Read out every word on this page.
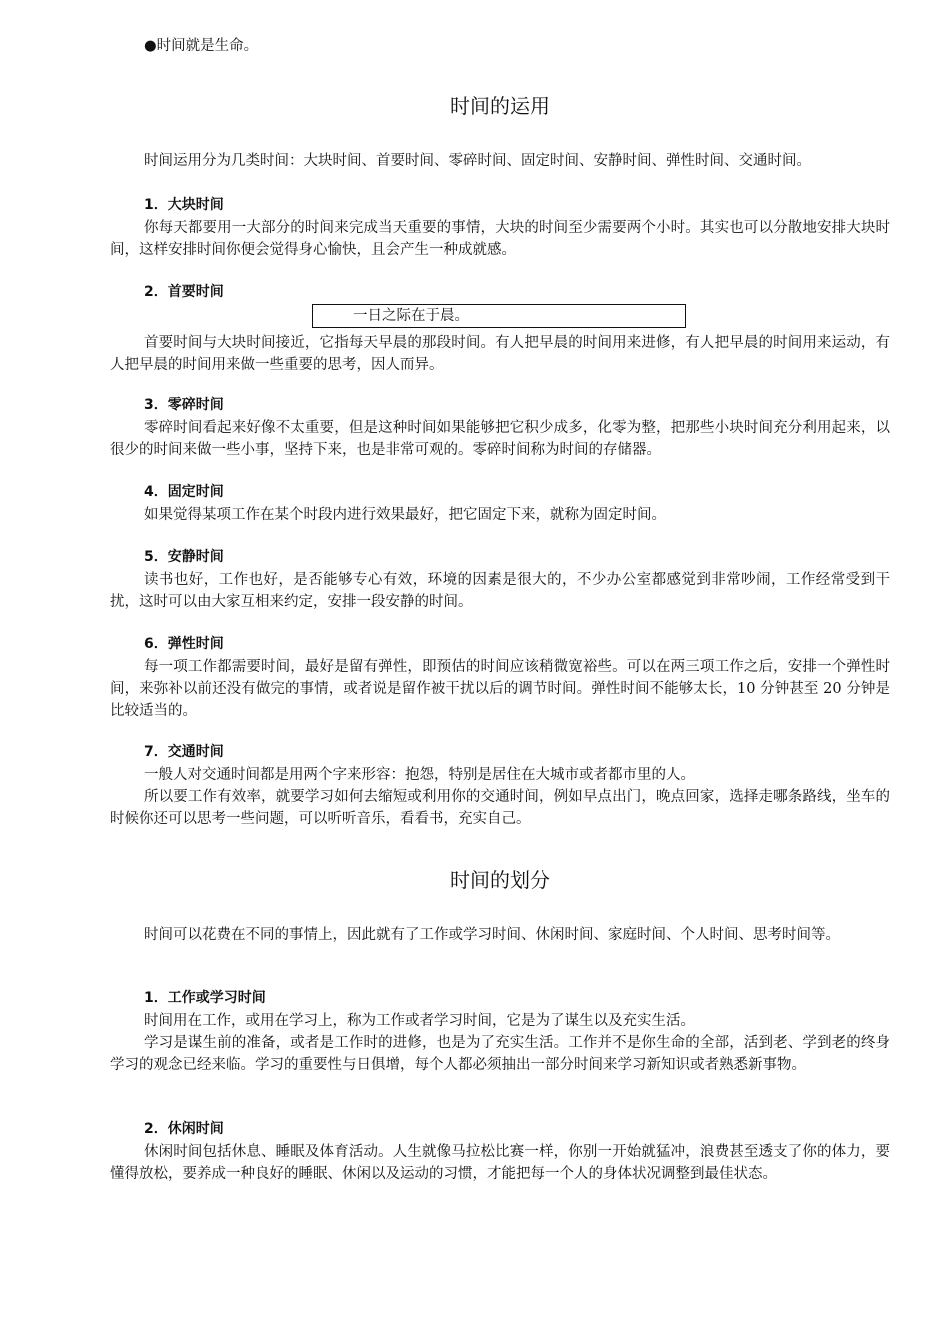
●时间就是生命。
时间的运用

时间运用分为几类时间：大块时间、首要时间、零碎时间、固定时间、安静时间、弹性时间、交通时间。

1．大块时间

你每天都要用一大部分的时间来完成当天重要的事情，大块的时间至少需要两个小时。其实也可以分散地安排大块时间，这样安排时间你便会觉得身心愉快，且会产生一种成就感。

2．首要时间
一日之际在于晨。

首要时间与大块时间接近，它指每天早晨的那段时间。有人把早晨的时间用来进修，有人把早晨的时间用来运动，有人把早晨的时间用来做一些重要的思考，因人而异。

3．零碎时间

零碎时间看起来好像不太重要，但是这种时间如果能够把它积少成多，化零为整，把那些小块时间充分利用起来，以很少的时间来做一些小事，坚持下来，也是非常可观的。零碎时间称为时间的存储器。

4．固定时间

如果觉得某项工作在某个时段内进行效果最好，把它固定下来，就称为固定时间。

5．安静时间

读书也好，工作也好，是否能够专心有效，环境的因素是很大的，不少办公室都感觉到非常吵闹，工作经常受到干扰，这时可以由大家互相来约定，安排一段安静的时间。

6．弹性时间

每一项工作都需要时间，最好是留有弹性，即预估的时间应该稍微宽裕些。可以在两三项工作之后，安排一个弹性时间，来弥补以前还没有做完的事情，或者说是留作被干扰以后的调节时间。弹性时间不能够太长，10 分钟甚至 20 分钟是比较适当的。

7．交通时间

一般人对交通时间都是用两个字来形容：抱怨，特别是居住在大城市或者都市里的人。

所以要工作有效率，就要学习如何去缩短或利用你的交通时间，例如早点出门，晚点回家，选择走哪条路线，坐车的时候你还可以思考一些问题，可以听听音乐，看看书，充实自己。

时间的划分

时间可以花费在不同的事情上，因此就有了工作或学习时间、休闲时间、家庭时间、个人时间、思考时间等。

1．工作或学习时间

时间用在工作，或用在学习上，称为工作或者学习时间，它是为了谋生以及充实生活。

学习是谋生前的准备，或者是工作时的进修，也是为了充实生活。工作并不是你生命的全部，活到老、学到老的终身学习的观念已经来临。学习的重要性与日俱增，每个人都必须抽出一部分时间来学习新知识或者熟悉新事物。

2．休闲时间

休闲时间包括休息、睡眠及体育活动。人生就像马拉松比赛一样，你别一开始就猛冲，浪费甚至透支了你的体力，要懂得放松，要养成一种良好的睡眠、休闲以及运动的习惯，才能把每一个人的身体状况调整到最佳状态。
